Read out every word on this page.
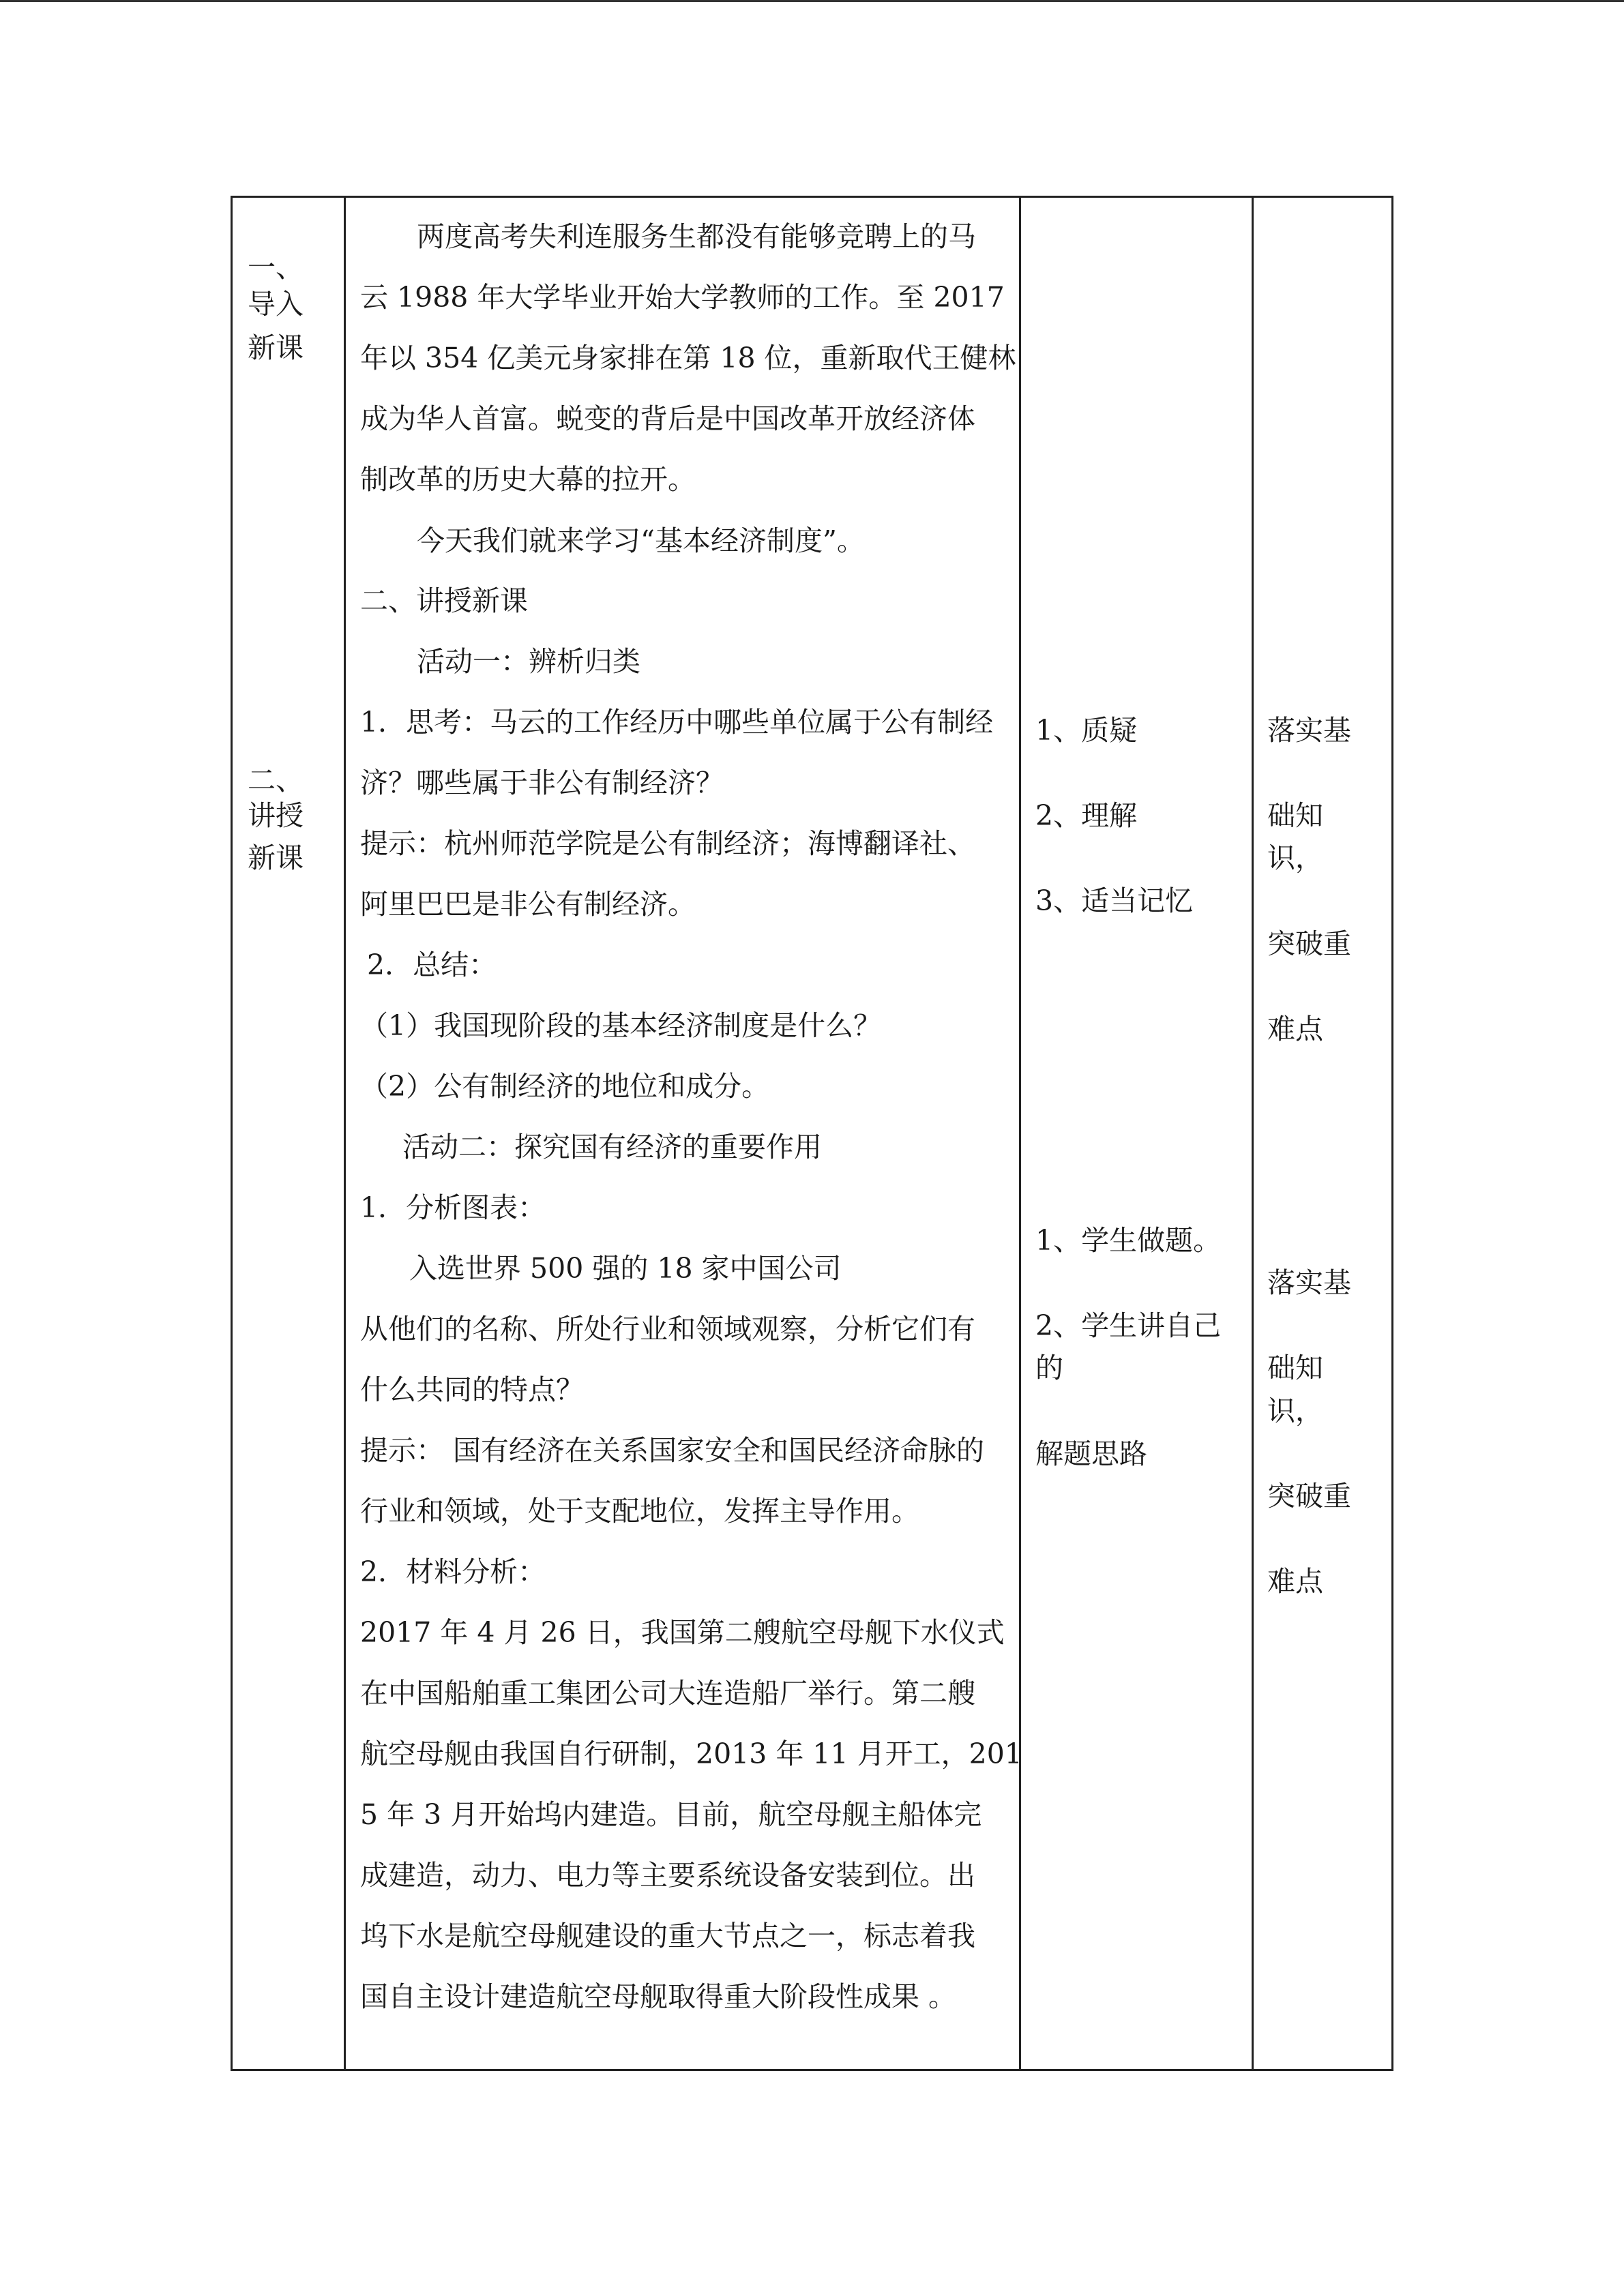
一、
导入
新课
二、
讲授
新课
两度高考失利连服务生都没有能够竞聘上的马
云 1988 年大学毕业开始大学教师的工作。至 2017
年以 354 亿美元身家排在第 18 位，重新取代王健林
成为华人首富。蜕变的背后是中国改革开放经济体
制改革的历史大幕的拉开。
今天我们就来学习“基本经济制度”。
二、讲授新课
活动一：辨析归类
1．思考：马云的工作经历中哪些单位属于公有制经
济？哪些属于非公有制经济？
提示：杭州师范学院是公有制经济；海博翻译社、
阿里巴巴是非公有制经济。
2．总结：
（1）我国现阶段的基本经济制度是什么？
（2）公有制经济的地位和成分。
活动二：探究国有经济的重要作用
1．分析图表：
入选世界 500 强的 18 家中国公司
从他们的名称、所处行业和领域观察，分析它们有
什么共同的特点？
提示： 国有经济在关系国家安全和国民经济命脉的
行业和领域，处于支配地位，发挥主导作用。
2．材料分析：
2017 年 4 月 26 日，我国第二艘航空母舰下水仪式
在中国船舶重工集团公司大连造船厂举行。第二艘
航空母舰由我国自行研制，2013 年 11 月开工，201
5 年 3 月开始坞内建造。目前，航空母舰主船体完
成建造，动力、电力等主要系统设备安装到位。出
坞下水是航空母舰建设的重大节点之一，标志着我
国自主设计建造航空母舰取得重大阶段性成果 。
1、质疑
2、理解
3、适当记忆
1、学生做题。
2、学生讲自己
的
解题思路
落实基
础知
识，
突破重
难点
落实基
础知
识，
突破重
难点
